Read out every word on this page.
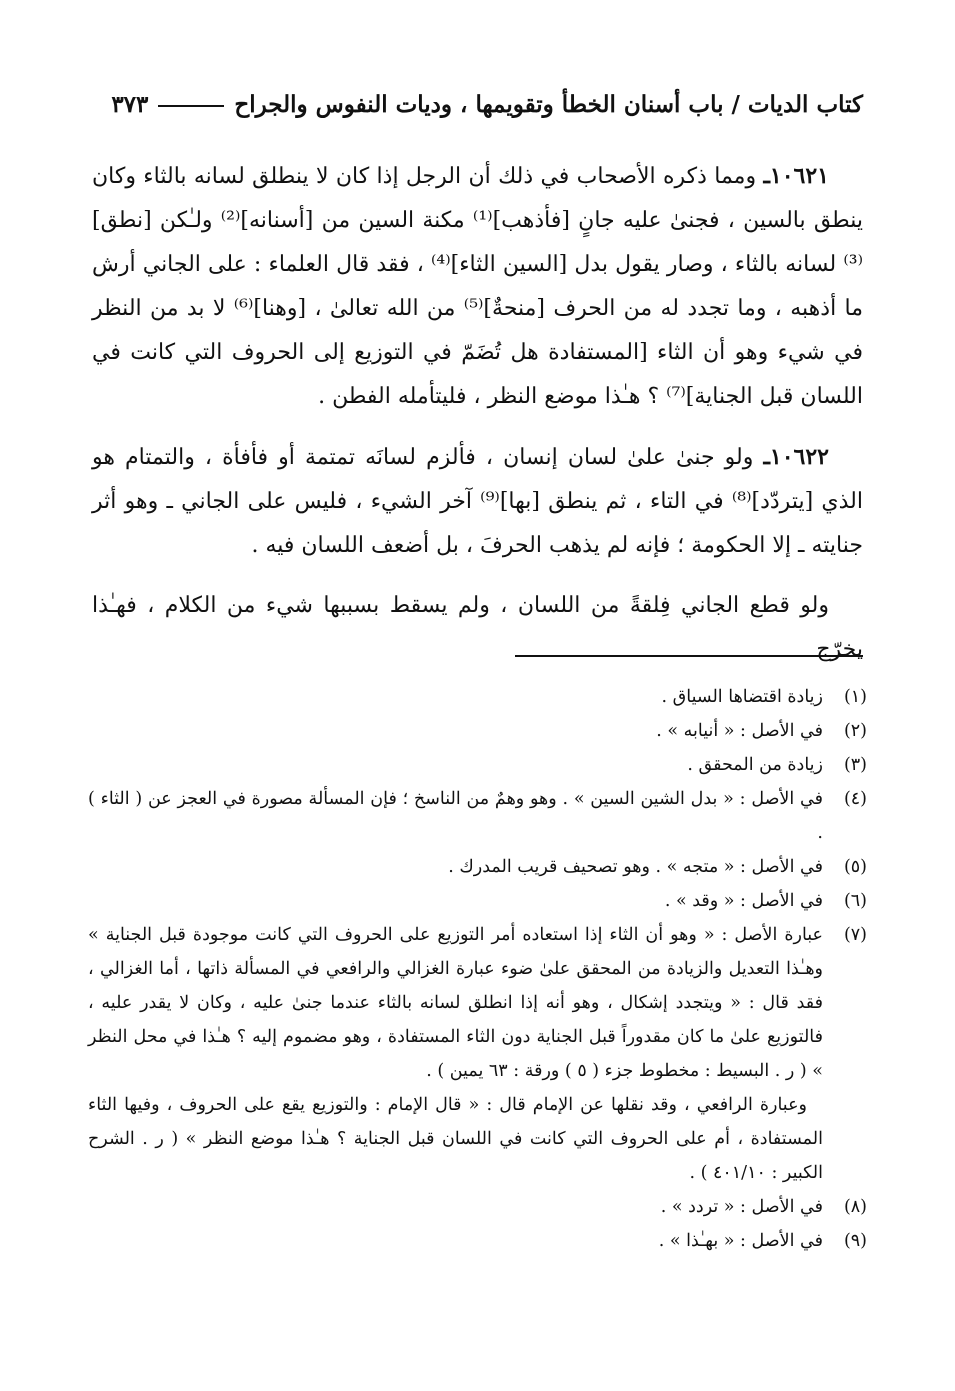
كتاب الديات / باب أسنان الخطأ وتقويمها ، وديات النفوس والجراح
٣٧٣

١٠٦٢١ـ ومما ذكره الأصحاب في ذلك أن الرجل إذا كان لا ينطلق لسانه بالثاء وكان ينطق بالسين ، فجنىٰ عليه جانٍ [فأذهب]⁽¹⁾ مكنة السين من [أسنانه]⁽²⁾ ولـٰكن [نطق]⁽³⁾ لسانه بالثاء ، وصار يقول بدل [السين الثاء]⁽⁴⁾ ، فقد قال العلماء : على الجاني أرش ما أذهبه ، وما تجدد له من الحرف [منحةٌ]⁽⁵⁾ من الله تعالىٰ ، [وهنا]⁽⁶⁾ لا بد من النظر في شيء وهو أن الثاء [المستفادة هل تُضَمّ في التوزيع إلى الحروف التي كانت في اللسان قبل الجناية]⁽⁷⁾ ؟ هـٰذا موضع النظر ، فليتأمله الفطن .

١٠٦٢٢ـ ولو جنىٰ علىٰ لسان إنسان ، فألزم لسانَه تمتمة أو فأفأة ، والتمتام هو الذي [يتردّد]⁽⁸⁾ في التاء ، ثم ينطق [بها]⁽⁹⁾ آخر الشيء ، فليس على الجاني ـ وهو أثر جنايته ـ إلا الحكومة ؛ فإنه لم يذهب الحرفَ ، بل أضعف اللسان فيه .

ولو قطع الجاني فِلقةً من اللسان ، ولم يسقط بسببها شيء من الكلام ، فهـٰذا يخرّج

(١)
زيادة اقتضاها السياق .
(٢)
في الأصل : « أنيابه » .
(٣)
زيادة من المحقق .
(٤)
في الأصل : « بدل الشين السين » . وهو وهمٌ من الناسخ ؛ فإن المسألة مصورة في العجز عن ( الثاء ) .
(٥)
في الأصل : « متجه » . وهو تصحيف قريب المدرك .
(٦)
في الأصل : « وقد » .
(٧)
عبارة الأصل : « وهو أن الثاء إذا استعاده أمر التوزيع على الحروف التي كانت موجودة قبل الجناية » وهـٰذا التعديل والزيادة من المحقق علىٰ ضوء عبارة الغزالي والرافعي في المسألة ذاتها ، أما الغزالي ، فقد قال : « ويتجدد إشكال ، وهو أنه إذا انطلق لسانه بالثاء عندما جنىٰ عليه ، وكان لا يقدر عليه ، فالتوزيع علىٰ ما كان مقدوراً قبل الجناية دون الثاء المستفادة ، وهو مضموم إليه ؟ هـٰذا في محل النظر » ( ر . البسيط : مخطوط جزء ( ٥ ) ورقة : ٦٣ يمين ) .
وعبارة الرافعي ، وقد نقلها عن الإمام قال : « قال الإمام : والتوزيع يقع على الحروف ، وفيها الثاء المستفادة ، أم على الحروف التي كانت في اللسان قبل الجناية ؟ هـٰذا موضع النظر » ( ر . الشرح الكبير : ٤٠١/١٠ ) .
(٨)
في الأصل : « تردد » .
(٩)
في الأصل : « بهـٰذا » .
